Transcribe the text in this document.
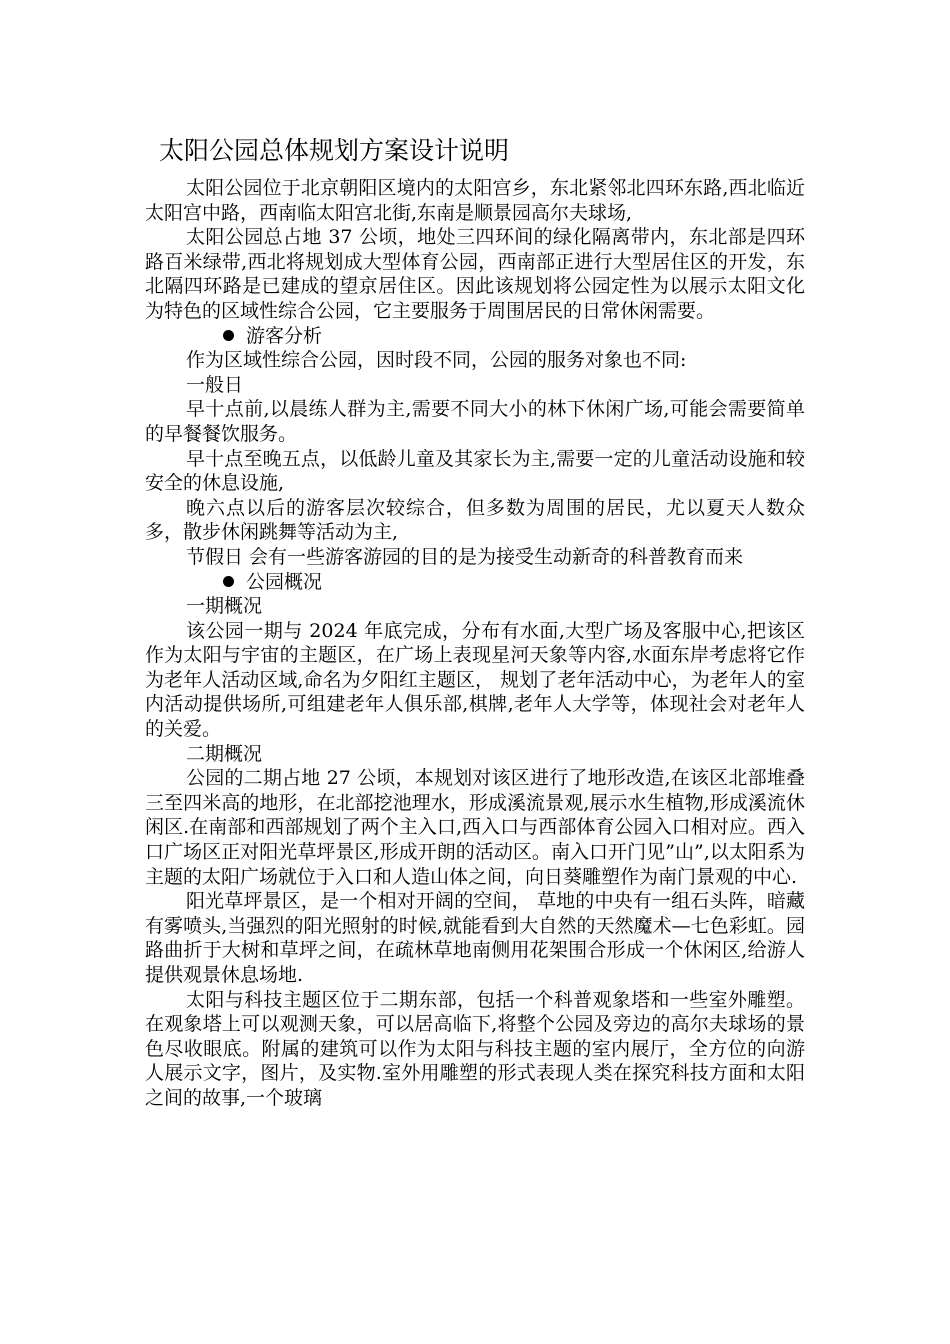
太阳公园总体规划方案设计说明

太阳公园位于北京朝阳区境内的太阳宫乡，东北紧邻北四环东路,西北临近太阳宫中路，西南临太阳宫北街,东南是顺景园高尔夫球场,

太阳公园总占地 37 公顷，地处三四环间的绿化隔离带内，东北部是四环路百米绿带,西北将规划成大型体育公园，西南部正进行大型居住区的开发，东北隔四环路是已建成的望京居住区。因此该规划将公园定性为以展示太阳文化为特色的区域性综合公园，它主要服务于周围居民的日常休闲需要。

游客分析

作为区域性综合公园，因时段不同，公园的服务对象也不同:

一般日

早十点前,以晨练人群为主,需要不同大小的林下休闲广场,可能会需要简单的早餐餐饮服务。

早十点至晚五点，以低龄儿童及其家长为主,需要一定的儿童活动设施和较安全的休息设施,

晚六点以后的游客层次较综合，但多数为周围的居民，尤以夏天人数众多，散步休闲跳舞等活动为主,

节假日 会有一些游客游园的目的是为接受生动新奇的科普教育而来

公园概况

一期概况

该公园一期与 2024 年底完成，分布有水面,大型广场及客服中心,把该区作为太阳与宇宙的主题区，在广场上表现星河天象等内容,水面东岸考虑将它作为老年人活动区域,命名为夕阳红主题区， 规划了老年活动中心，为老年人的室内活动提供场所,可组建老年人俱乐部,棋牌,老年人大学等，体现社会对老年人的关爱。

二期概况

公园的二期占地 27 公顷，本规划对该区进行了地形改造,在该区北部堆叠三至四米高的地形，在北部挖池理水，形成溪流景观,展示水生植物,形成溪流休闲区.在南部和西部规划了两个主入口,西入口与西部体育公园入口相对应。西入口广场区正对阳光草坪景区,形成开朗的活动区。南入口开门见”山”,以太阳系为主题的太阳广场就位于入口和人造山体之间，向日葵雕塑作为南门景观的中心.

阳光草坪景区，是一个相对开阔的空间， 草地的中央有一组石头阵，暗藏有雾喷头,当强烈的阳光照射的时候,就能看到大自然的天然魔术—七色彩虹。园路曲折于大树和草坪之间，在疏林草地南侧用花架围合形成一个休闲区,给游人提供观景休息场地.

太阳与科技主题区位于二期东部，包括一个科普观象塔和一些室外雕塑。在观象塔上可以观测天象，可以居高临下,将整个公园及旁边的高尔夫球场的景色尽收眼底。附属的建筑可以作为太阳与科技主题的室内展厅，全方位的向游人展示文字，图片，及实物.室外用雕塑的形式表现人类在探究科技方面和太阳之间的故事,一个玻璃
